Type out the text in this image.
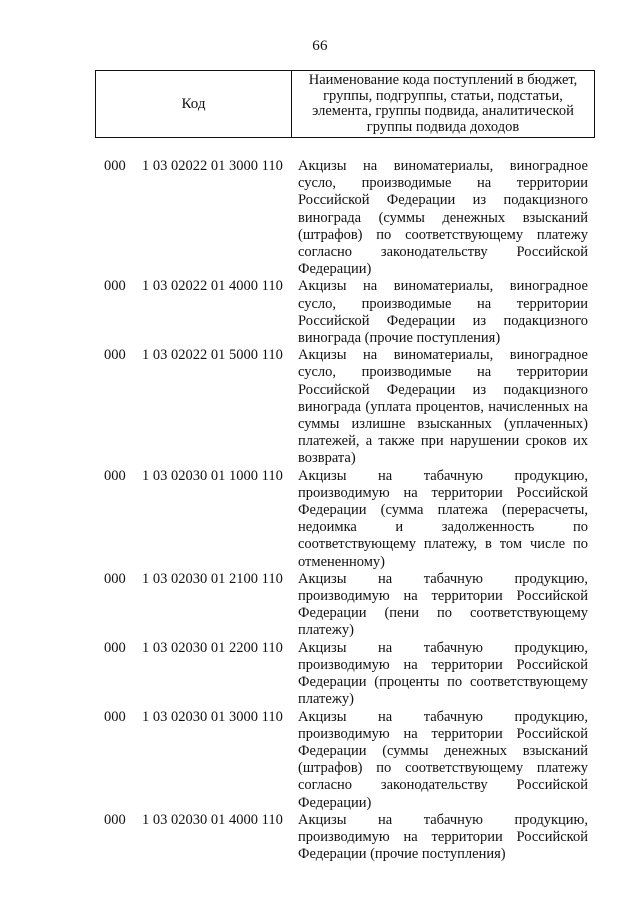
66
Код
Наименование кода поступлений в бюджет, группы, подгруппы, статьи, подстатьи, элемента, группы подвида, аналитической группы подвида доходов
000 1 03 02022 01 3000 110 Акцизы на виноматериалы, виноградное сусло, производимые на территории Российской Федерации из подакцизного винограда (суммы денежных взысканий (штрафов) по соответствующему платежу согласно законодательству Российской Федерации)
000 1 03 02022 01 4000 110 Акцизы на виноматериалы, виноградное сусло, производимые на территории Российской Федерации из подакцизного винограда (прочие поступления)
000 1 03 02022 01 5000 110 Акцизы на виноматериалы, виноградное сусло, производимые на территории Российской Федерации из подакцизного винограда (уплата процентов, начисленных на суммы излишне взысканных (уплаченных) платежей, а также при нарушении сроков их возврата)
000 1 03 02030 01 1000 110 Акцизы на табачную продукцию, производимую на территории Российской Федерации (сумма платежа (перерасчеты, недоимка и задолженность по соответствующему платежу, в том числе по отмененному)
000 1 03 02030 01 2100 110 Акцизы на табачную продукцию, производимую на территории Российской Федерации (пени по соответствующему платежу)
000 1 03 02030 01 2200 110 Акцизы на табачную продукцию, производимую на территории Российской Федерации (проценты по соответствующему платежу)
000 1 03 02030 01 3000 110 Акцизы на табачную продукцию, производимую на территории Российской Федерации (суммы денежных взысканий (штрафов) по соответствующему платежу согласно законодательству Российской Федерации)
000 1 03 02030 01 4000 110 Акцизы на табачную продукцию, производимую на территории Российской Федерации (прочие поступления)
